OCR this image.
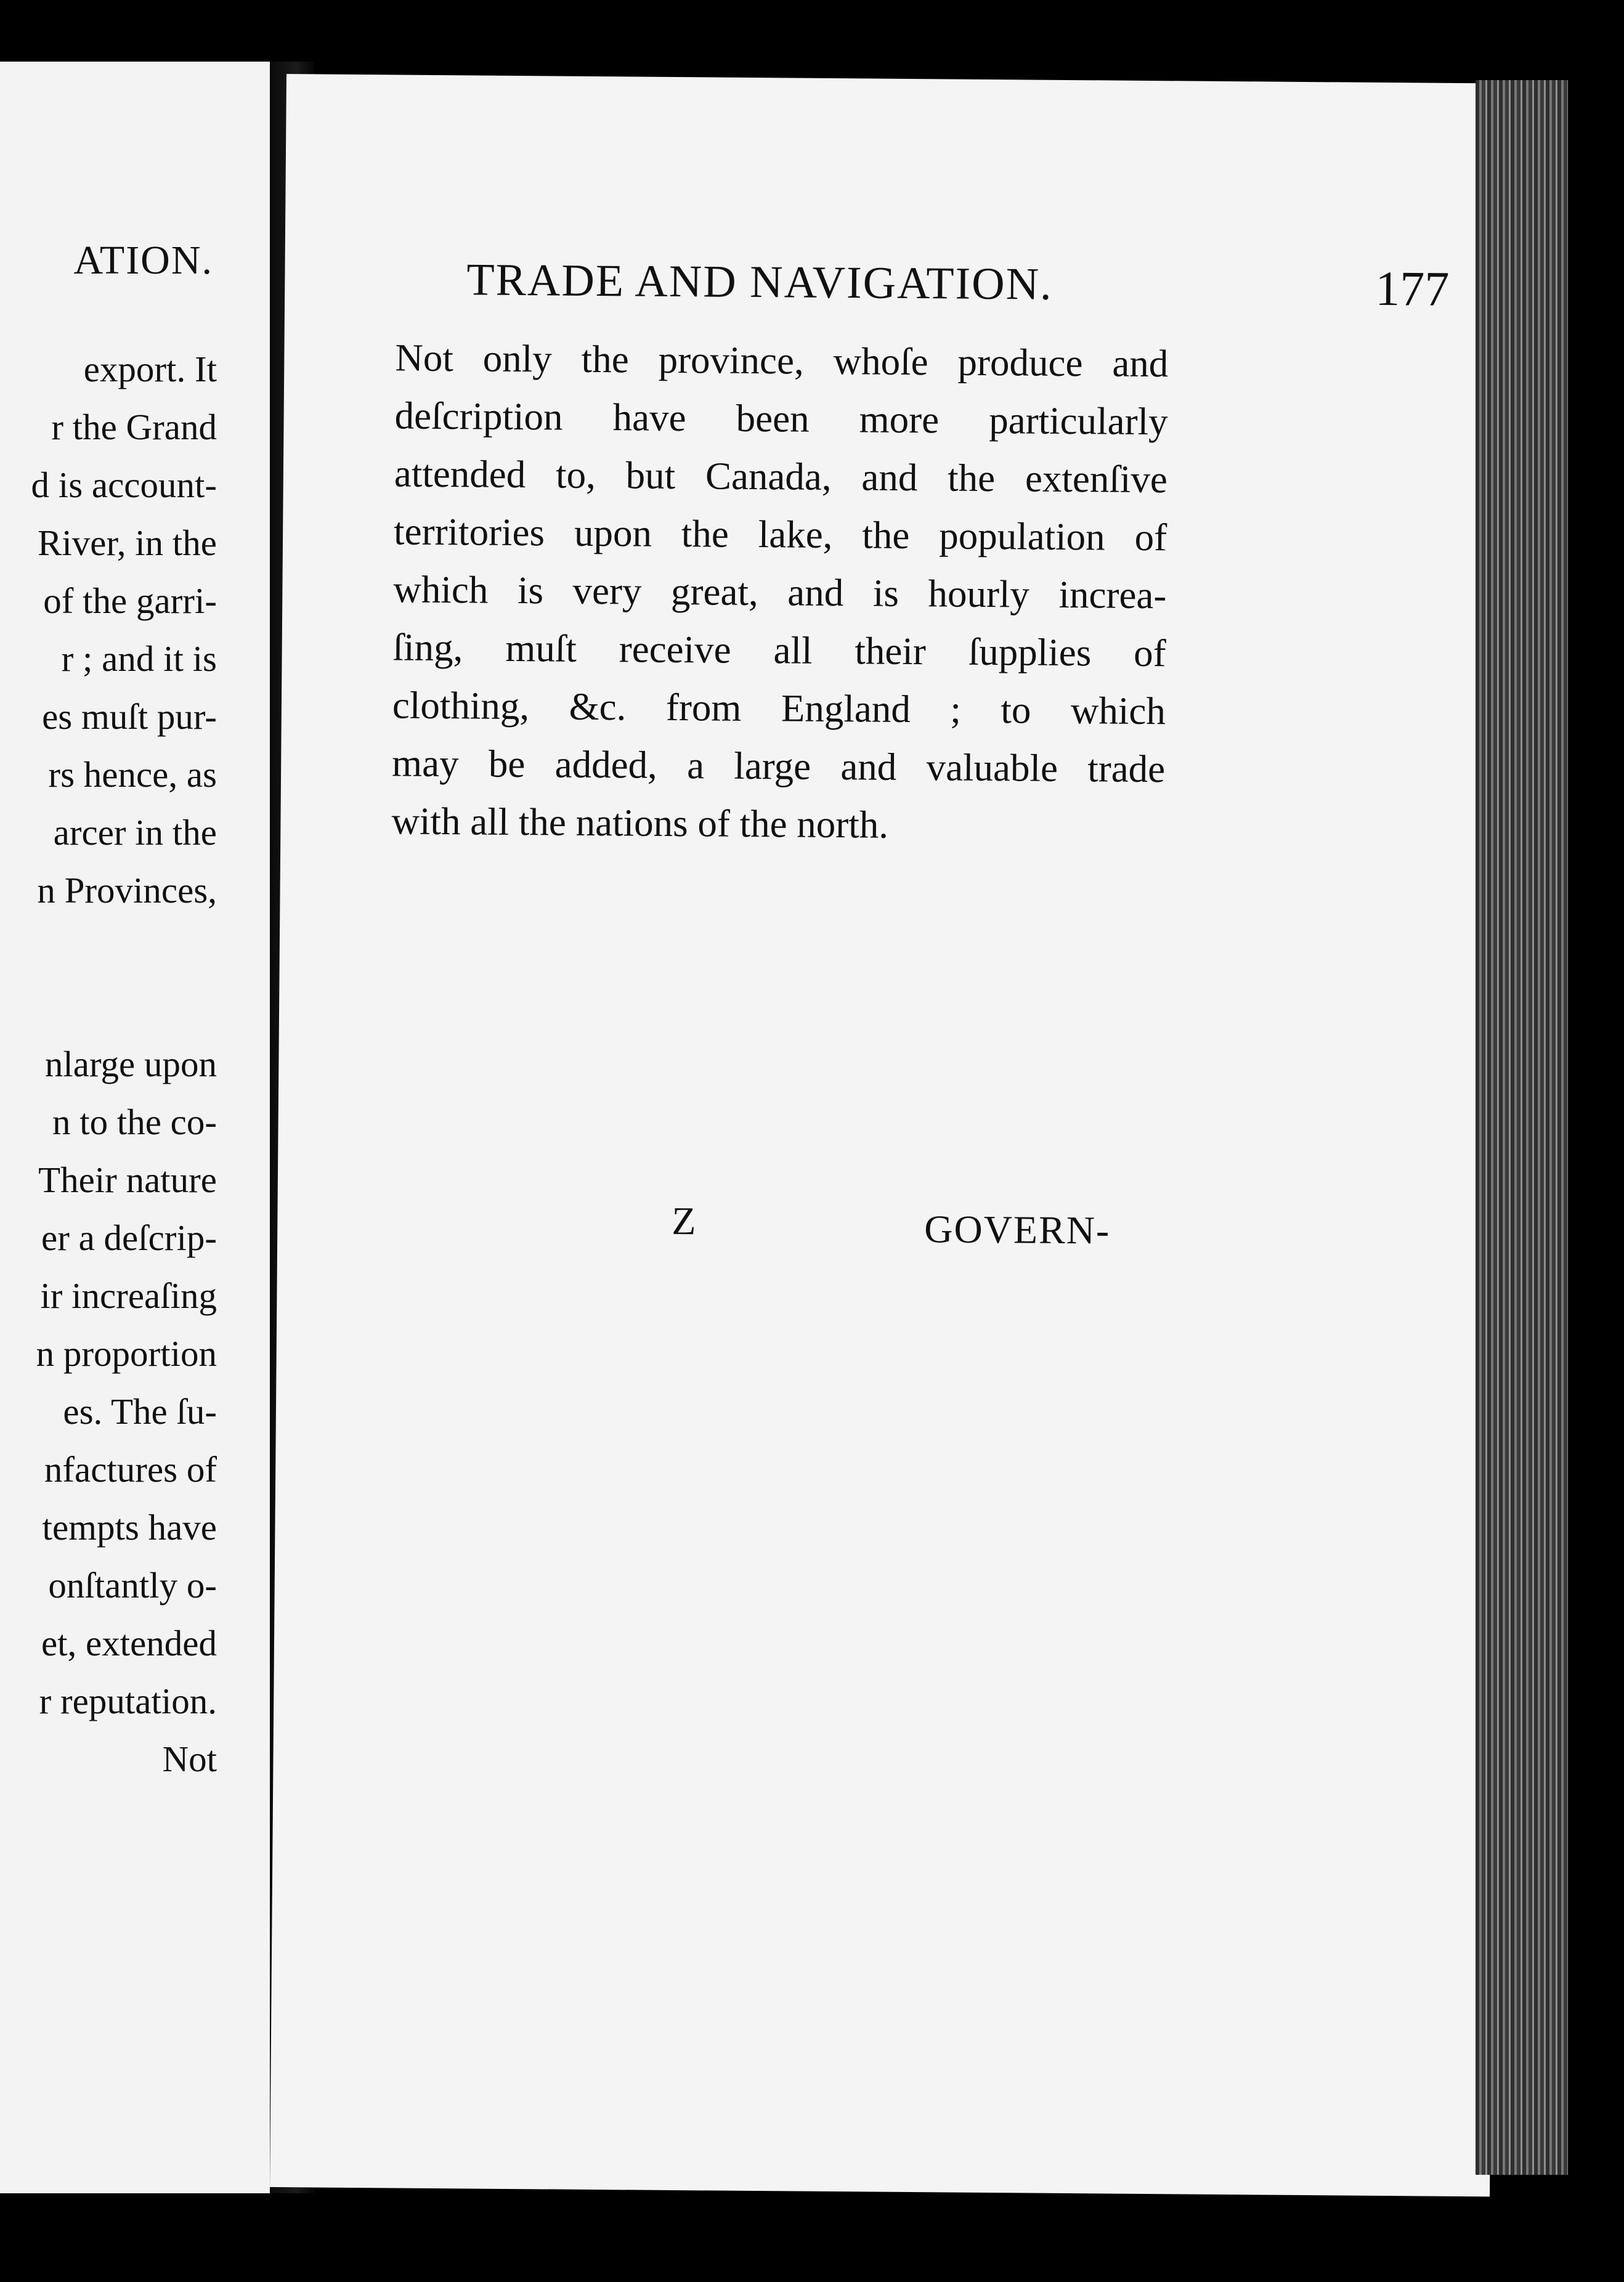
ATION.
export. It
r the Grand
d is account-
River, in the
of the garri-
r ; and it is
es muſt pur-
rs hence, as
arcer in the
n Provinces,
nlarge upon
n to the co-
Their nature
er a deſcrip-
ir increaſing
n proportion
es. The ſu-
nfactures of
tempts have
onſtantly o-
et, extended
r reputation.
Not
TRADE AND NAVIGATION.	177
Not only the province, whoſe produce and
deſcription have been more particularly
attended to, but Canada, and the extenſive
territories upon the lake, the population of
which is very great, and is hourly increa-
ſing, muſt receive all their ſupplies of
clothing, &c. from England ; to which
may be added, a large and valuable trade
with all the nations of the north.
Z	GOVERN-
